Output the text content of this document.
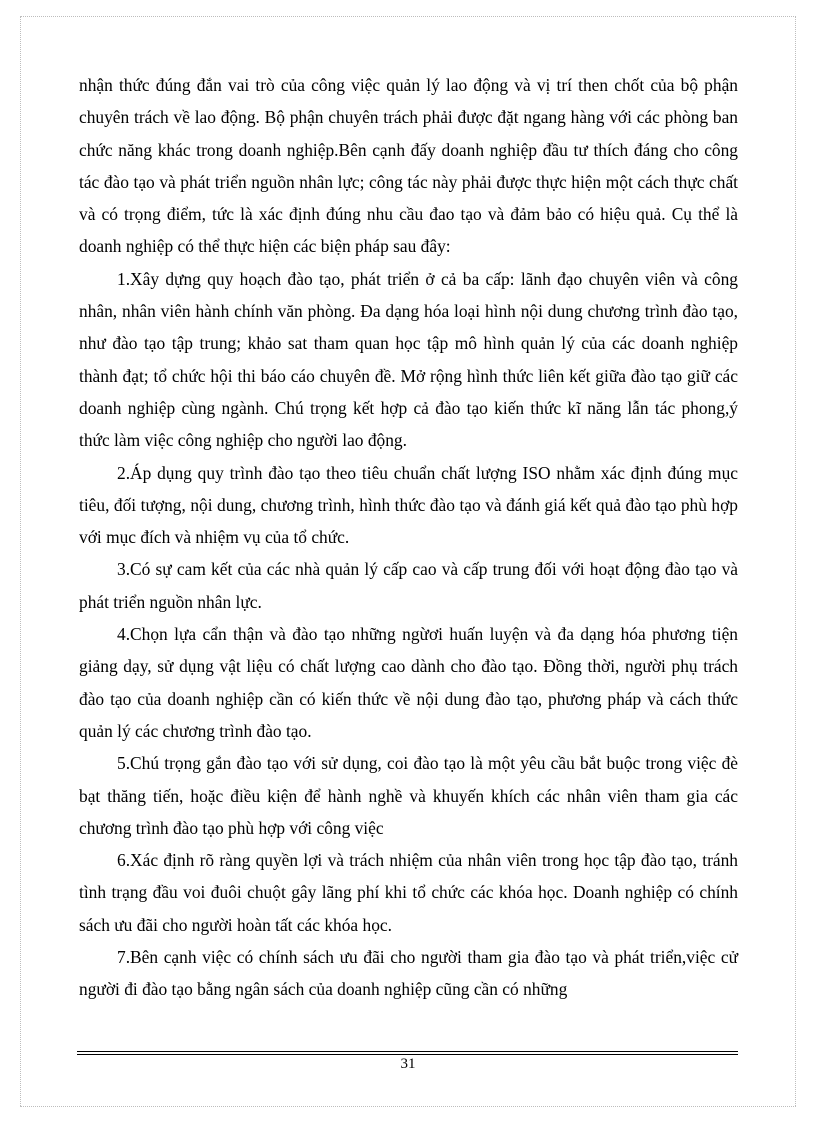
nhận thức đúng đắn vai trò của công việc quản lý lao động và vị trí then chốt của bộ phận chuyên trách về lao động. Bộ phận chuyên trách phải được đặt ngang hàng với các phòng ban chức năng khác trong doanh nghiệp.Bên cạnh đấy doanh nghiệp đầu tư thích đáng cho công tác đào tạo và phát triển nguồn nhân lực; công tác này phải được thực hiện một cách thực chất và có trọng điểm, tức là xác định đúng nhu cầu đao tạo và đảm bảo có hiệu quả. Cụ thể là doanh nghiệp có thể thực hiện các biện pháp sau đây:

1.Xây dựng quy hoạch đào tạo, phát triển ở cả ba cấp: lãnh đạo chuyên viên và công nhân, nhân viên hành chính văn phòng. Đa dạng hóa loại hình nội dung chương trình đào tạo, như đào tạo tập trung; khảo sat tham quan học tập mô hình quản lý của các doanh nghiệp thành đạt; tổ chức hội thi báo cáo chuyên đề. Mở rộng hình thức liên kết giữa đào tạo giữ các doanh nghiệp cùng ngành. Chú trọng kết hợp cả đào tạo kiến thức kĩ năng lẫn tác phong,ý thức làm việc công nghiệp cho người lao động.

2.Áp dụng quy trình đào tạo theo tiêu chuẩn chất lượng ISO nhằm xác định đúng mục tiêu, đối tượng, nội dung, chương trình, hình thức đào tạo và đánh giá kết quả đào tạo phù hợp với mục đích và nhiệm vụ của tổ chức.

3.Có sự cam kết của các nhà quản lý cấp cao và cấp trung đối với hoạt động đào tạo và phát triển nguồn nhân lực.

4.Chọn lựa cẩn thận và đào tạo những ngừơi huấn luyện và đa dạng hóa phương tiện giảng dạy, sử dụng vật liệu có chất lượng cao dành cho đào tạo. Đồng thời, người phụ trách đào tạo của doanh nghiệp cần có kiến thức về nội dung đào tạo, phương pháp và cách thức quản lý các chương trình đào tạo.

5.Chú trọng gắn đào tạo với sử dụng, coi đào tạo là một yêu cầu bắt buộc trong việc đè bạt thăng tiến, hoặc điều kiện để hành nghề và khuyến khích các nhân viên tham gia các chương trình đào tạo phù hợp với công việc

6.Xác định rõ ràng quyền lợi và trách nhiệm của nhân viên trong học tập đào tạo, tránh tình trạng đầu voi đuôi chuột gây lãng phí khi tổ chức các khóa học. Doanh nghiệp có chính sách ưu đãi cho người hoàn tất các khóa học.

7.Bên cạnh việc có chính sách ưu đãi cho người tham gia đào tạo và phát triển,việc cử người đi đào tạo bằng ngân sách của doanh nghiệp cũng cần có những

31
